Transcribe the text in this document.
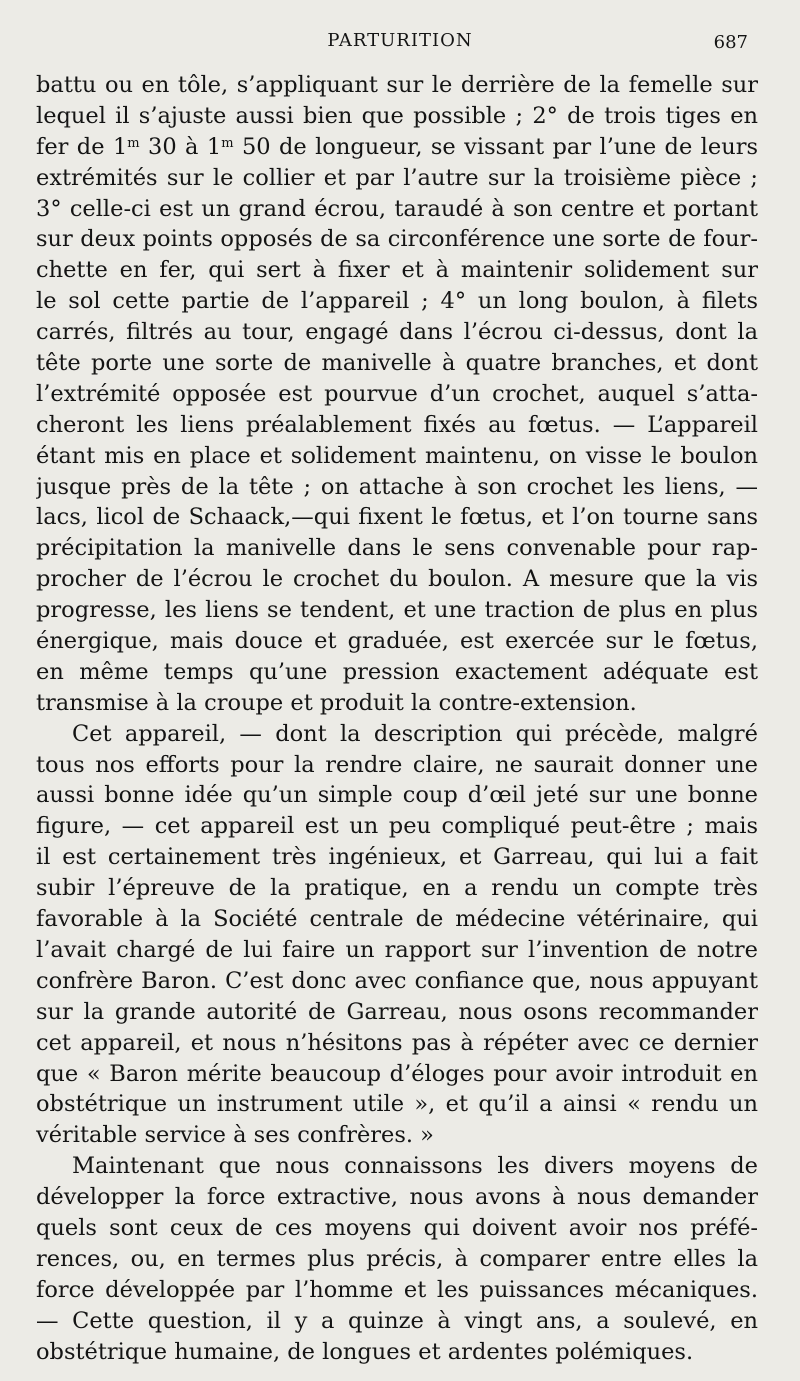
PARTURITION	687
battu ou en tôle, s’appliquant sur le derrière de la femelle sur
lequel il s’ajuste aussi bien que possible ; 2° de trois tiges en
fer de 1$^m$ 30 à 1$^m$ 50 de longueur, se vissant par l’une de leurs
extrémités sur le collier et par l’autre sur la troisième pièce ;
3° celle-ci est un grand écrou, taraudé à son centre et portant
sur deux points opposés de sa circonférence une sorte de four-
chette en fer, qui sert à fixer et à maintenir solidement sur
le sol cette partie de l’appareil ; 4° un long boulon, à filets
carrés, filtrés au tour, engagé dans l’écrou ci-dessus, dont la
tête porte une sorte de manivelle à quatre branches, et dont
l’extrémité opposée est pourvue d’un crochet, auquel s’atta-
cheront les liens préalablement fixés au fœtus. — L’appareil
étant mis en place et solidement maintenu, on visse le boulon
jusque près de la tête ; on attache à son crochet les liens, —
lacs, licol de Schaack,—qui fixent le fœtus, et l’on tourne sans
précipitation la manivelle dans le sens convenable pour rap-
procher de l’écrou le crochet du boulon. A mesure que la vis
progresse, les liens se tendent, et une traction de plus en plus
énergique, mais douce et graduée, est exercée sur le fœtus,
en même temps qu’une pression exactement adéquate est
transmise à la croupe et produit la contre-extension.
Cet appareil, — dont la description qui précède, malgré
tous nos efforts pour la rendre claire, ne saurait donner une
aussi bonne idée qu’un simple coup d’œil jeté sur une bonne
figure, — cet appareil est un peu compliqué peut-être ; mais
il est certainement très ingénieux, et Garreau, qui lui a fait
subir l’épreuve de la pratique, en a rendu un compte très
favorable à la Société centrale de médecine vétérinaire, qui
l’avait chargé de lui faire un rapport sur l’invention de notre
confrère Baron. C’est donc avec confiance que, nous appuyant
sur la grande autorité de Garreau, nous osons recommander
cet appareil, et nous n’hésitons pas à répéter avec ce dernier
que « Baron mérite beaucoup d’éloges pour avoir introduit en
obstétrique un instrument utile », et qu’il a ainsi « rendu un
véritable service à ses confrères. »
Maintenant que nous connaissons les divers moyens de
développer la force extractive, nous avons à nous demander
quels sont ceux de ces moyens qui doivent avoir nos préfé-
rences, ou, en termes plus précis, à comparer entre elles la
force développée par l’homme et les puissances mécaniques.
— Cette question, il y a quinze à vingt ans, a soulevé, en
obstétrique humaine, de longues et ardentes polémiques.
